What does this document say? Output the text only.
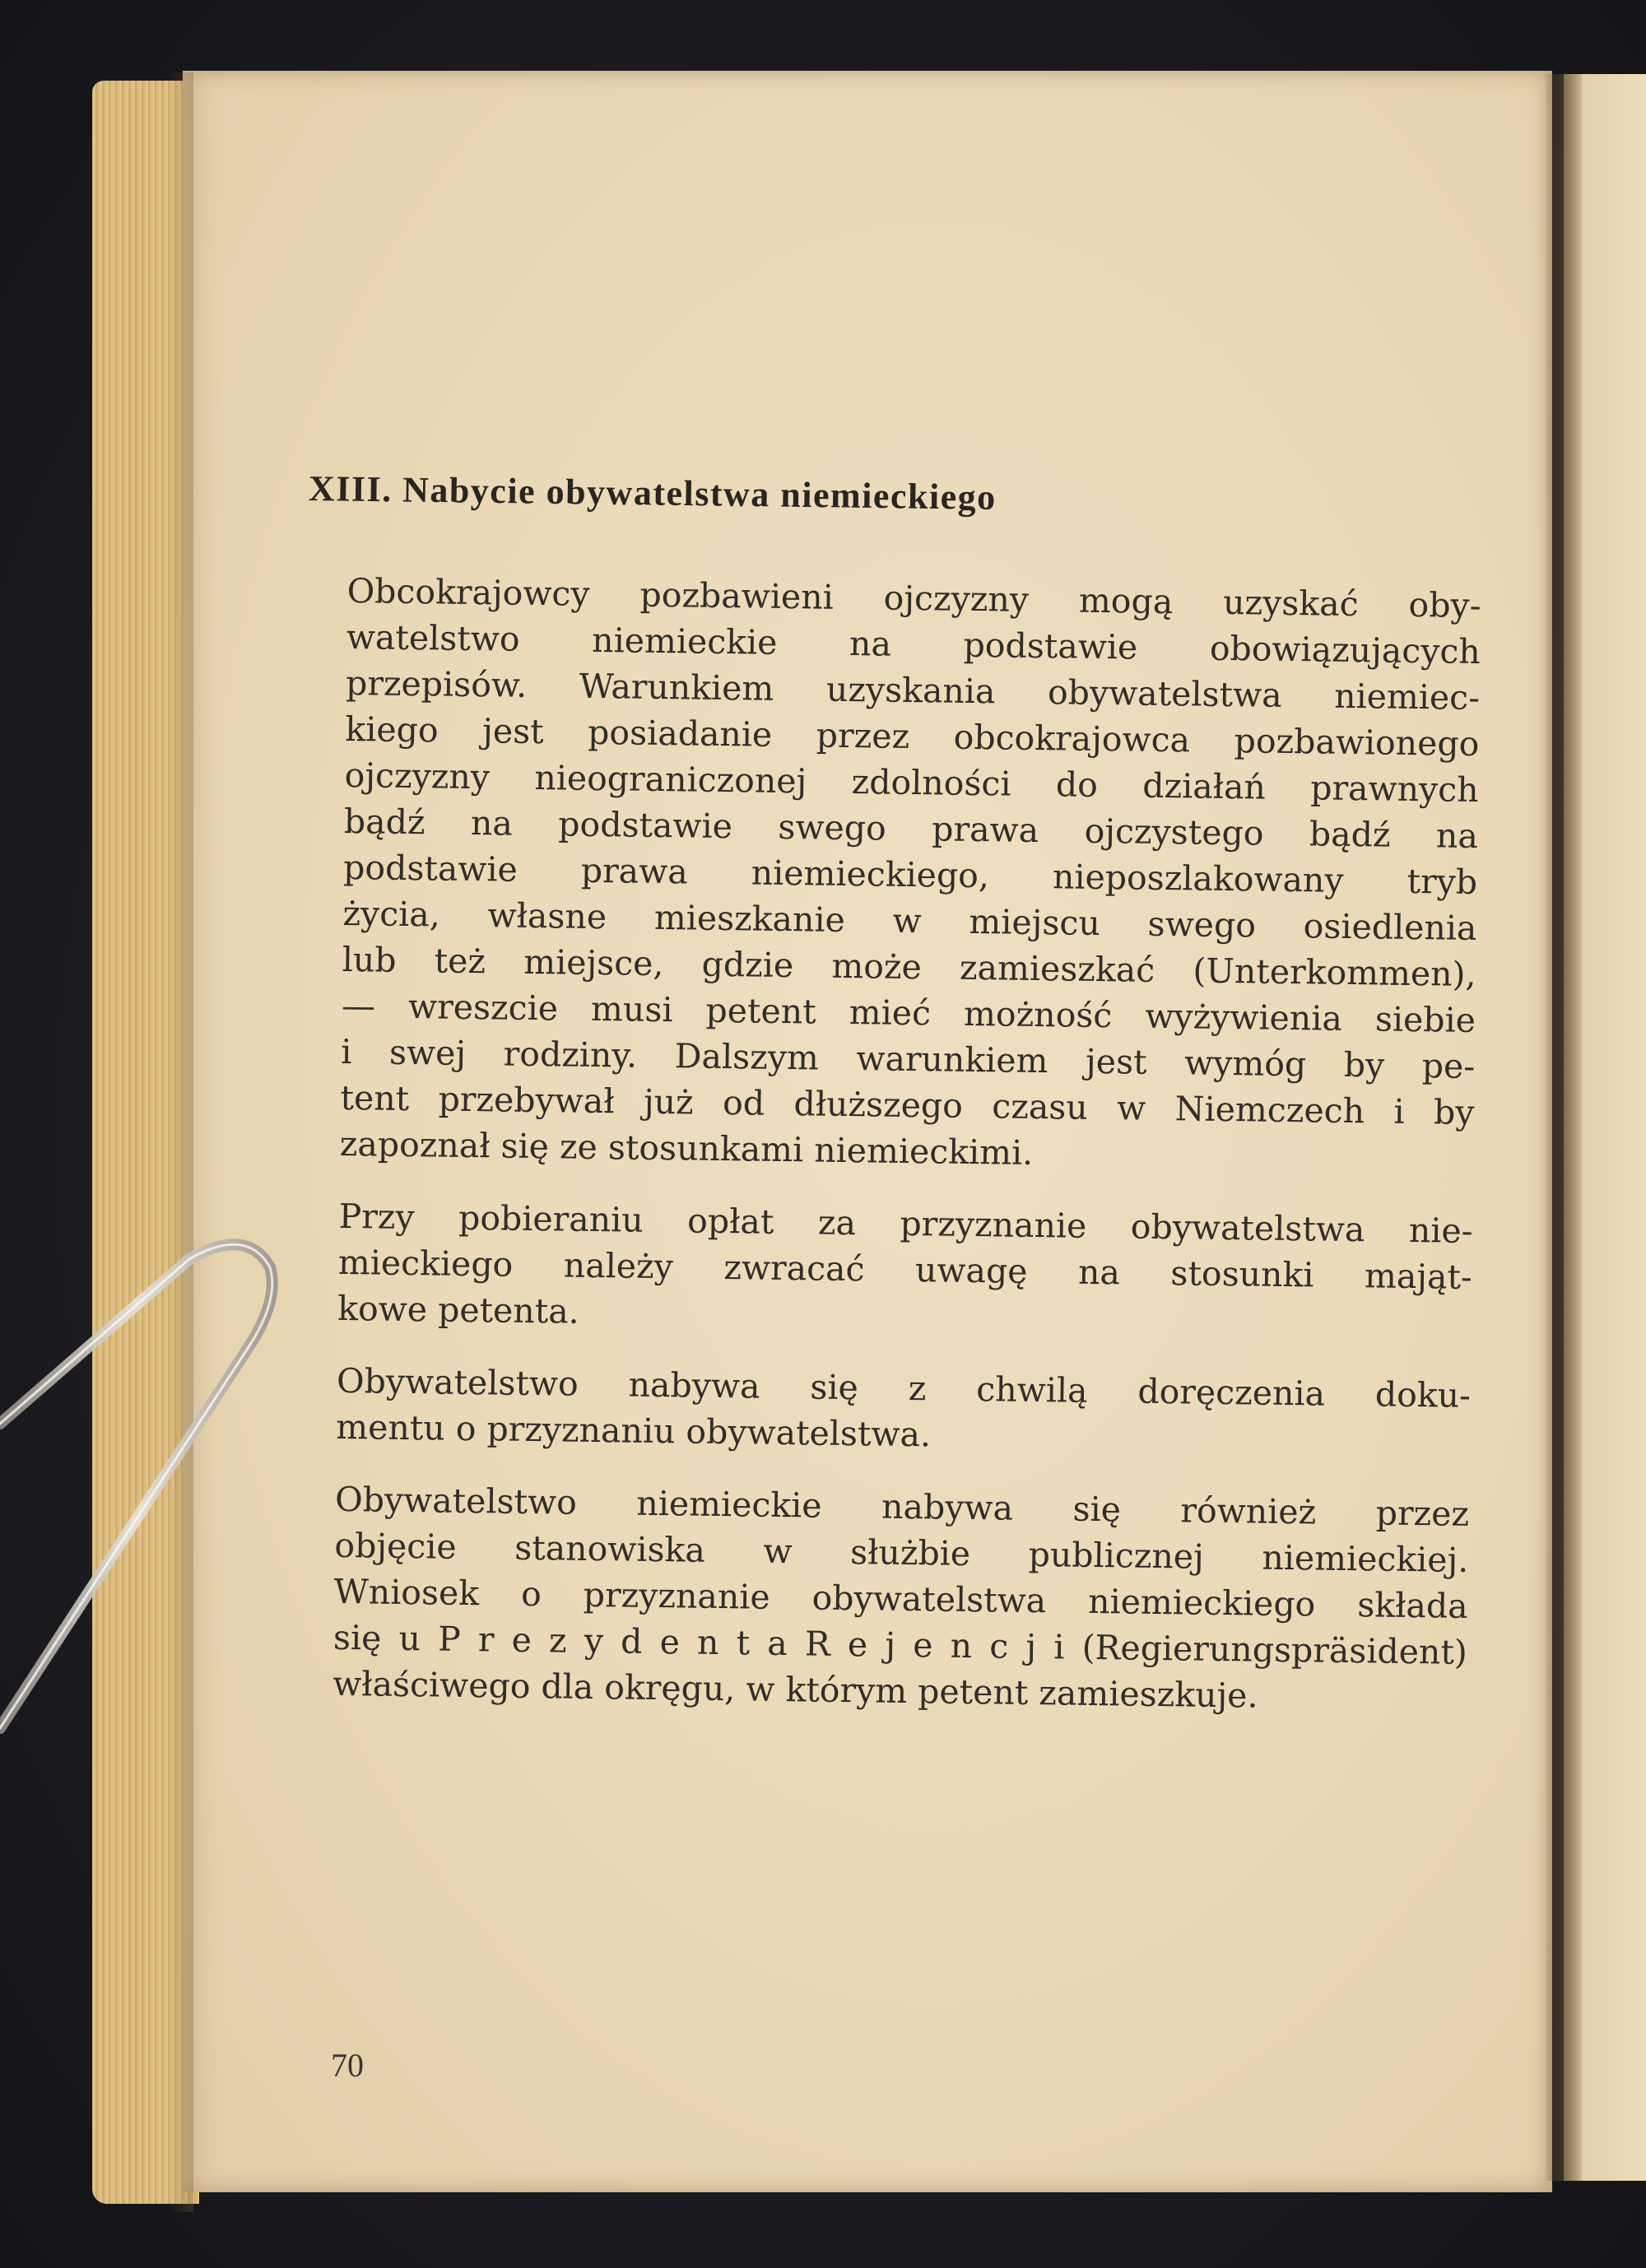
XIII. Nabycie obywatelstwa niemieckiego

Obcokrajowcy pozbawieni ojczyzny mogą uzyskać oby-
watelstwo niemieckie na podstawie obowiązujących
przepisów. Warunkiem uzyskania obywatelstwa niemiec-
kiego jest posiadanie przez obcokrajowca pozbawionego
ojczyzny nieograniczonej zdolności do działań prawnych
bądź na podstawie swego prawa ojczystego bądź na
podstawie prawa niemieckiego, nieposzlakowany tryb
życia, własne mieszkanie w miejscu swego osiedlenia
lub też miejsce, gdzie może zamieszkać (Unterkommen),
— wreszcie musi petent mieć możność wyżywienia siebie
i swej rodziny. Dalszym warunkiem jest wymóg by pe-
tent przebywał już od dłuższego czasu w Niemczech i by
zapoznał się ze stosunkami niemieckimi.

Przy pobieraniu opłat za przyznanie obywatelstwa nie-
mieckiego należy zwracać uwagę na stosunki mająt-
kowe petenta.

Obywatelstwo nabywa się z chwilą doręczenia doku-
mentu o przyznaniu obywatelstwa.

Obywatelstwo niemieckie nabywa się również przez
objęcie stanowiska w służbie publicznej niemieckiej.
Wniosek o przyznanie obywatelstwa niemieckiego składa
się u P r e z y d e n t a R e j e n c j i (Regierungspräsident)
właściwego dla okręgu, w którym petent zamieszkuje.

70
